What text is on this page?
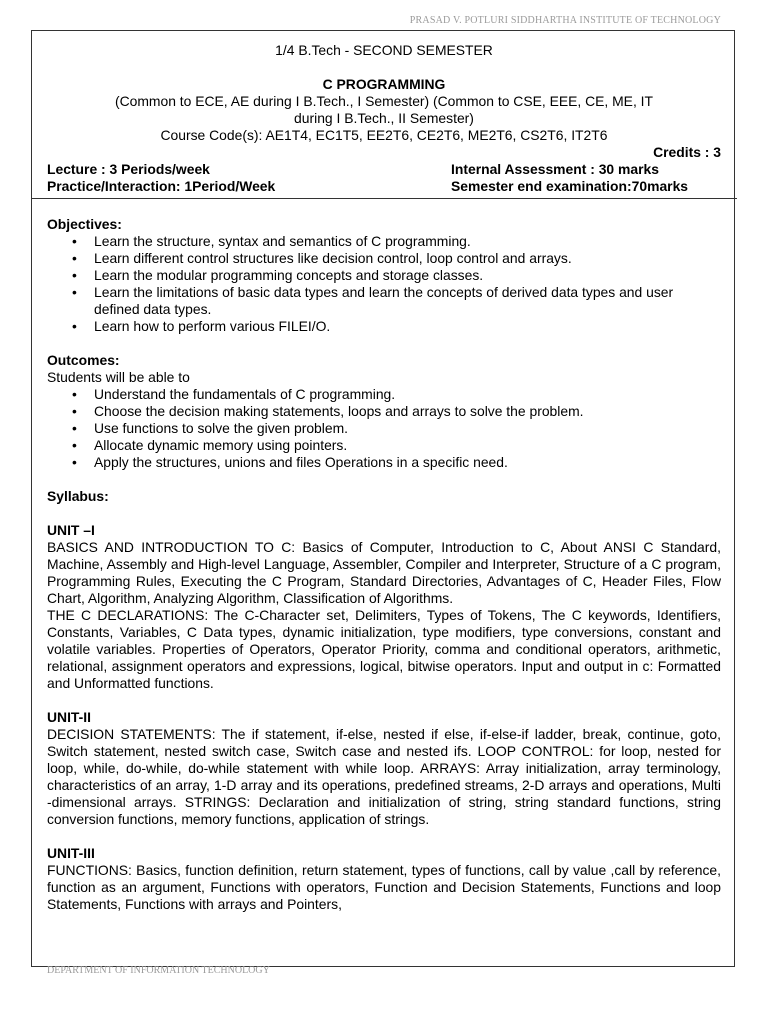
PRASAD V. POTLURI SIDDHARTHA INSTITUTE OF TECHNOLOGY
1/4 B.Tech - SECOND SEMESTER
C PROGRAMMING
(Common to ECE, AE during I B.Tech., I Semester) (Common to CSE, EEE, CE, ME, IT
during I B.Tech., II Semester)
Course Code(s): AE1T4, EC1T5, EE2T6, CE2T6, ME2T6, CS2T6, IT2T6
Credits : 3
Lecture : 3 Periods/week	Internal Assessment : 30 marks
Practice/Interaction: 1Period/Week	Semester end examination:70marks
Objectives:
• Learn the structure, syntax and semantics of C programming.
• Learn different control structures like decision control, loop control and arrays.
• Learn the modular programming concepts and storage classes.
• Learn the limitations of basic data types and learn the concepts of derived data types and user defined data types.
• Learn how to perform various FILEI/O.
Outcomes:
Students will be able to
• Understand the fundamentals of C programming.
• Choose the decision making statements, loops and arrays to solve the problem.
• Use functions to solve the given problem.
• Allocate dynamic memory using pointers.
• Apply the structures, unions and files Operations in a specific need.
Syllabus:
UNIT –I

BASICS AND INTRODUCTION TO C: Basics of Computer, Introduction to C, About ANSI C Standard, Machine, Assembly and High-level Language, Assembler, Compiler and Interpreter, Structure of a C program, Programming Rules, Executing the C Program, Standard Directories, Advantages of C, Header Files, Flow Chart, Algorithm, Analyzing Algorithm, Classification of Algorithms.

THE C DECLARATIONS: The C-Character set, Delimiters, Types of Tokens, The C keywords, Identifiers, Constants, Variables, C Data types, dynamic initialization, type modifiers, type conversions, constant and volatile variables. Properties of Operators, Operator Priority, comma and conditional operators, arithmetic, relational, assignment operators and expressions, logical, bitwise operators. Input and output in c: Formatted and Unformatted functions.

UNIT-II

DECISION STATEMENTS: The if statement, if-else, nested if else, if-else-if ladder, break, continue, goto, Switch statement, nested switch case, Switch case and nested ifs. LOOP CONTROL: for loop, nested for loop, while, do-while, do-while statement with while loop. ARRAYS: Array initialization, array terminology, characteristics of an array, 1-D array and its operations, predefined streams, 2-D arrays and operations, Multi -dimensional arrays. STRINGS: Declaration and initialization of string, string standard functions, string conversion functions, memory functions, application of strings.

UNIT-III

FUNCTIONS: Basics, function definition, return statement, types of functions, call by value ,call by reference, function as an argument, Functions with operators, Function and Decision Statements, Functions and loop Statements, Functions with arrays and Pointers,

DEPARTMENT OF INFORMATION TECHNOLOGY
